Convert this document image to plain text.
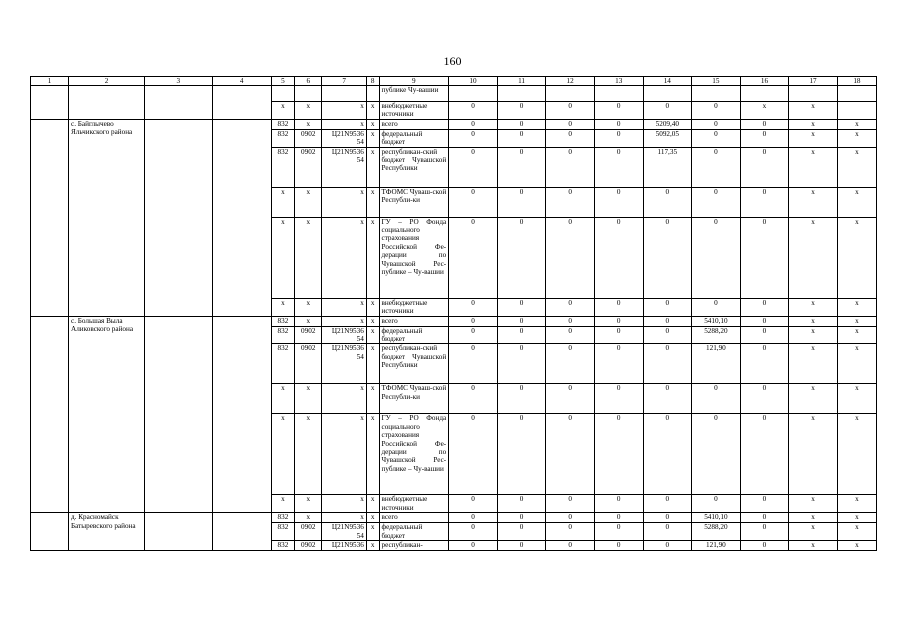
160
1	2	3	4	5	6	7	8	9	10	11	12	13	14	15	16	17	18
								публике Чу-вашии									
				x	x	x	x	внебюджетные источники	0	0	0	0	0	0	x	x	
	с. Байглычево Яльчикского района			832	x	x	x	всего	0	0	0	0	5209,40	0	0	x	x
				832	0902	Ц21N9536 54	x	федеральный бюджет	0	0	0	0	5092,05	0	0	x	x
				832	0902	Ц21N9536 54	x	республикан-ский бюджет Чувашской Республики	0	0	0	0	117,35	0	0	x	x
				x	x	x	x	ТФОМС Чуваш-ской Республи-ки	0	0	0	0	0	0	0	x	x
				x	x	x	x	ГУ – РО Фонда социального страхования Российской Фе-дерации по Чувашской Рес-публике – Чу-вашии	0	0	0	0	0	0	0	x	x
				x	x	x	x	внебюджетные источники	0	0	0	0	0	0	0	x	x
	с. Большая Выла Аликовского района			832	x	x	x	всего	0	0	0	0	0	5410,10	0	x	x
				832	0902	Ц21N9536 54	x	федеральный бюджет	0	0	0	0	0	5288,20	0	x	x
				832	0902	Ц21N9536 54	x	республикан-ский бюджет Чувашской Республики	0	0	0	0	0	121,90	0	x	x
				x	x	x	x	ТФОМС Чуваш-ской Республи-ки	0	0	0	0	0	0	0	x	x
				x	x	x	x	ГУ – РО Фонда социального страхования Российской Фе-дерации по Чувашской Рес-публике – Чу-вашии	0	0	0	0	0	0	0	x	x
				x	x	x	x	внебюджетные источники	0	0	0	0	0	0	0	x	x
	д. Красномайск Батыревского района			832	x	x	x	всего	0	0	0	0	0	5410,10	0	x	x
				832	0902	Ц21N9536 54	x	федеральный бюджет	0	0	0	0	0	5288,20	0	x	x
				832	0902	Ц21N9536	x	республикан-	0	0	0	0	0	121,90	0	x	x
